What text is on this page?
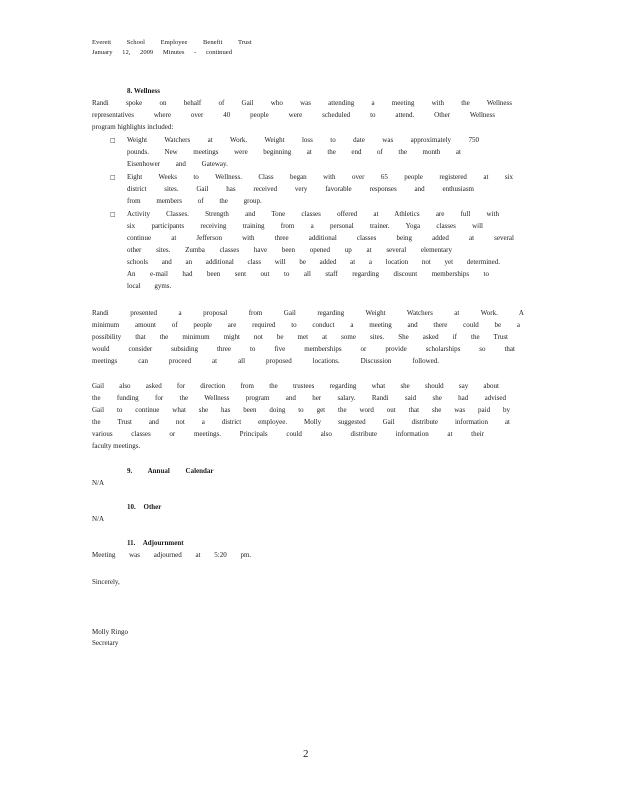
Everett School Employee Benefit Trust
January 12, 2009 Minutes - continued
8. Wellness
Randi spoke on behalf of Gail who was attending a meeting with the Wellness
representatives where over 40 people were scheduled to attend. Other Wellness
program highlights included:
□ Weight Watchers at Work. Weight loss to date was approximately 750
pounds. New meetings were beginning at the end of the month at
Eisenhower and Gateway.
□ Eight Weeks to Wellness. Class began with over 65 people registered at six
district sites. Gail has received very favorable responses and enthusiasm
from members of the group.
□ Activity Classes. Strength and Tone classes offered at Athletics are full with
six participants receiving training from a personal trainer. Yoga classes will
continue at Jefferson with three additional classes being added at several
other sites. Zumba classes have been opened up at several elementary
schools and an additional class will be added at a location not yet determined.
An e-mail had been sent out to all staff regarding discount memberships to
local gyms.
Randi presented a proposal from Gail regarding Weight Watchers at Work. A
minimum amount of people are required to conduct a meeting and there could be a
possibility that the minimum might not be met at some sites. She asked if the Trust
would consider subsiding three to five memberships or provide scholarships so that
meetings can proceed at all proposed locations. Discussion followed.
Gail also asked for direction from the trustees regarding what she should say about
the funding for the Wellness program and her salary. Randi said she had advised
Gail to continue what she has been doing to get the word out that she was paid by
the Trust and not a district employee. Molly suggested Gail distribute information at
various classes or meetings. Principals could also distribute information at their
faculty meetings.
9. Annual Calendar
N/A
10. Other
N/A
11. Adjournment
Meeting was adjourned at 5:20 pm.
Sincerely,
Molly Ringo
Secretary
2
